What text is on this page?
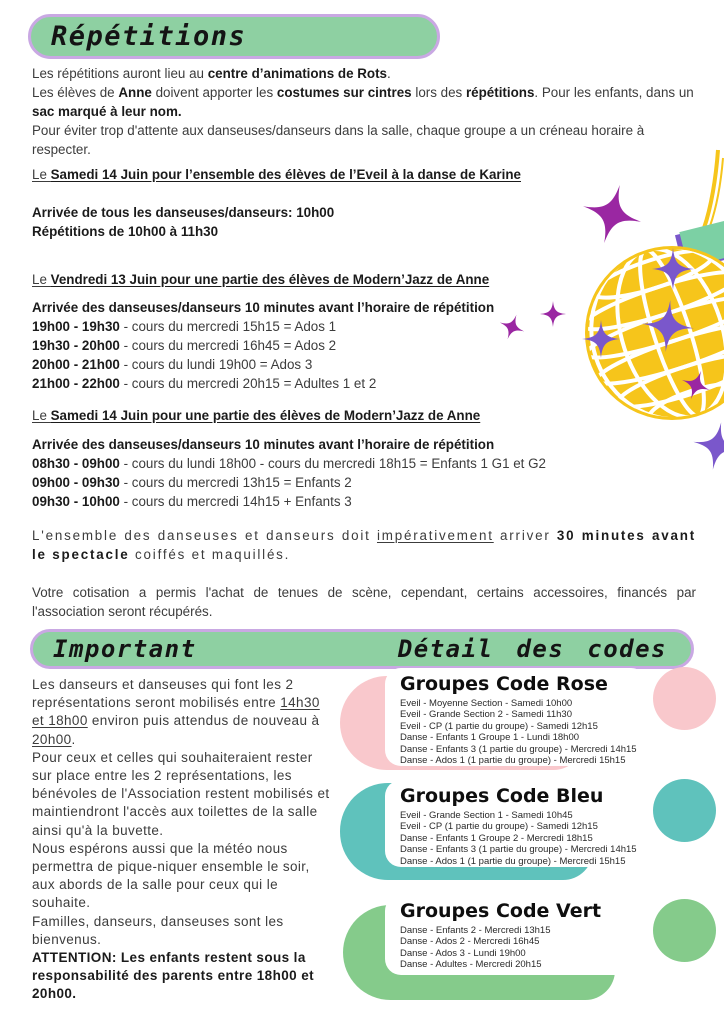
Répétitions

Les répétitions auront lieu au centre d’animations de Rots.

Les élèves de Anne doivent apporter les costumes sur cintres lors des répétitions. Pour les enfants, dans un sac marqué à leur nom.

Pour éviter trop d'attente aux danseuses/danseurs dans la salle, chaque groupe a un créneau horaire à respecter.

Le Samedi 14 Juin pour l’ensemble des élèves de l’Eveil à la danse de Karine

Arrivée de tous les danseuses/danseurs: 10h00

Répétitions de 10h00 à 11h30

Le Vendredi 13 Juin pour une partie des élèves de Modern’Jazz de Anne

Arrivée des danseuses/danseurs 10 minutes avant l’horaire de répétition

19h00 - 19h30 - cours du mercredi 15h15 = Ados 1

19h30 - 20h00 - cours du mercredi 16h45 = Ados 2

20h00 - 21h00 - cours du lundi 19h00 = Ados 3

21h00 - 22h00 - cours du mercredi 20h15 = Adultes 1 et 2

Le Samedi 14 Juin pour une partie des élèves de Modern’Jazz de Anne

Arrivée des danseuses/danseurs 10 minutes avant l’horaire de répétition

08h30 - 09h00 - cours du lundi 18h00 - cours du mercredi 18h15 = Enfants 1 G1 et G2

09h00 - 09h30 - cours du mercredi 13h15 = Enfants 2

09h30 - 10h00 - cours du mercredi 14h15 + Enfants 3

L'ensemble des danseuses et danseurs doit impérativement arriver 30 minutes avant le spectacle coiffés et maquillés.

Votre cotisation a permis l'achat de tenues de scène, cependant, certains accessoires, financés par l'association seront récupérés.

Important	Détail des codes

Les danseurs et danseuses qui font les 2 représentations seront mobilisés entre 14h30 et 18h00 environ puis attendus de nouveau à 20h00.

Pour ceux et celles qui souhaiteraient rester sur place entre les 2 représentations, les bénévoles de l'Association restent mobilisés et maintiendront l'accès aux toilettes de la salle ainsi qu'à la buvette.

Nous espérons aussi que la météo nous permettra de pique-niquer ensemble le soir, aux abords de la salle pour ceux qui le souhaite.

Familles, danseurs, danseuses sont les bienvenus.

ATTENTION: Les enfants restent sous la responsabilité des parents entre 18h00 et 20h00.

Groupes Code Rose
Eveil - Moyenne Section - Samedi 10h00
Eveil - Grande Section 2 - Samedi 11h30
Eveil - CP (1 partie du groupe) - Samedi 12h15
Danse - Enfants 1 Groupe 1 - Lundi 18h00
Danse - Enfants 3 (1 partie du groupe) - Mercredi 14h15
Danse - Ados 1 (1 partie du groupe) - Mercredi 15h15
Groupes Code Bleu
Eveil - Grande Section 1 - Samedi 10h45
Eveil - CP (1 partie du groupe) - Samedi 12h15
Danse - Enfants 1 Groupe 2 - Mercredi 18h15
Danse - Enfants 3 (1 partie du groupe) - Mercredi 14h15
Danse - Ados 1 (1 partie du groupe) - Mercredi 15h15
Groupes Code Vert
Danse - Enfants 2 - Mercredi 13h15
Danse - Ados 2 - Mercredi 16h45
Danse - Ados 3 - Lundi 19h00
Danse - Adultes - Mercredi 20h15
